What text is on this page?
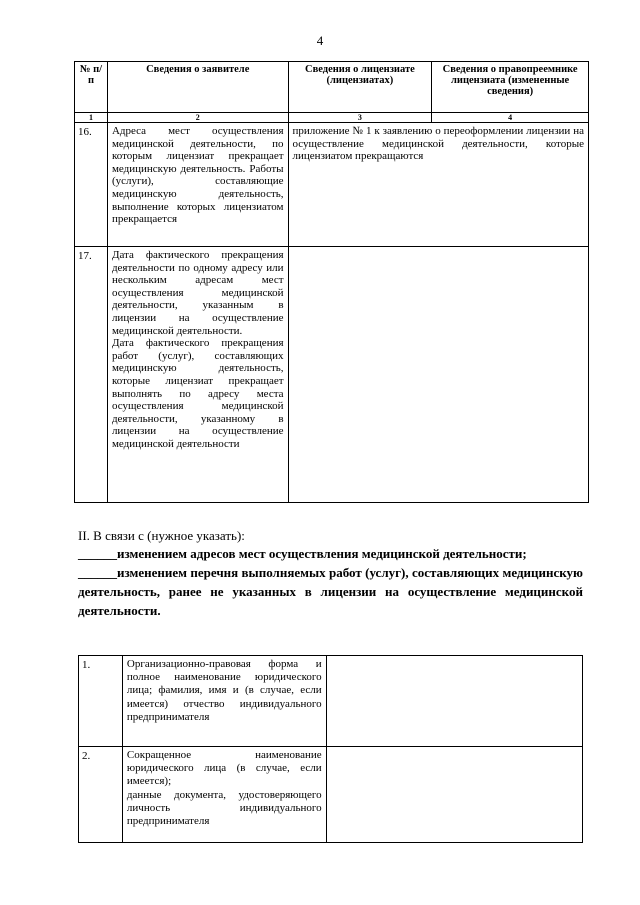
4
№ п/п	Сведения о заявителе	Сведения о лицензиате (лицензиатах)	Сведения о правопреемнике лицензиата (измененные сведения)
1	2	3	4
16.	Адреса мест осуществления медицинской деятельности, по которым лицензиат прекращает медицинскую деятельность. Работы (услуги), составляющие медицинскую деятельность, выполнение которых лицензиатом прекращается	приложение № 1 к заявлению о переоформлении лицензии на осуществление медицинской деятельности, которые лицензиатом прекращаются	
17.	Дата фактического прекращения деятельности по одному адресу или нескольким адресам мест осуществления медицинской деятельности, указанным в лицензии на осуществление медицинской деятельности.
Дата фактического прекращения работ (услуг), составляющих медицинскую деятельность, которые лицензиат прекращает выполнять по адресу места осуществления медицинской деятельности, указанному в лицензии на осуществление медицинской деятельности		

II. В связи с (нужное указать):

______изменением адресов мест осуществления медицинской деятельности;

______изменением перечня выполняемых работ (услуг), составляющих медицинскую деятельность, ранее не указанных в лицензии на осуществление медицинской деятельности.

1.	Организационно-правовая форма и полное наименование юридического лица; фамилия, имя и (в случае, если имеется) отчество индивидуального предпринимателя	
2.	Сокращенное наименование юридического лица (в случае, если имеется);
данные документа, удостоверяющего личность индивидуального предпринимателя	
